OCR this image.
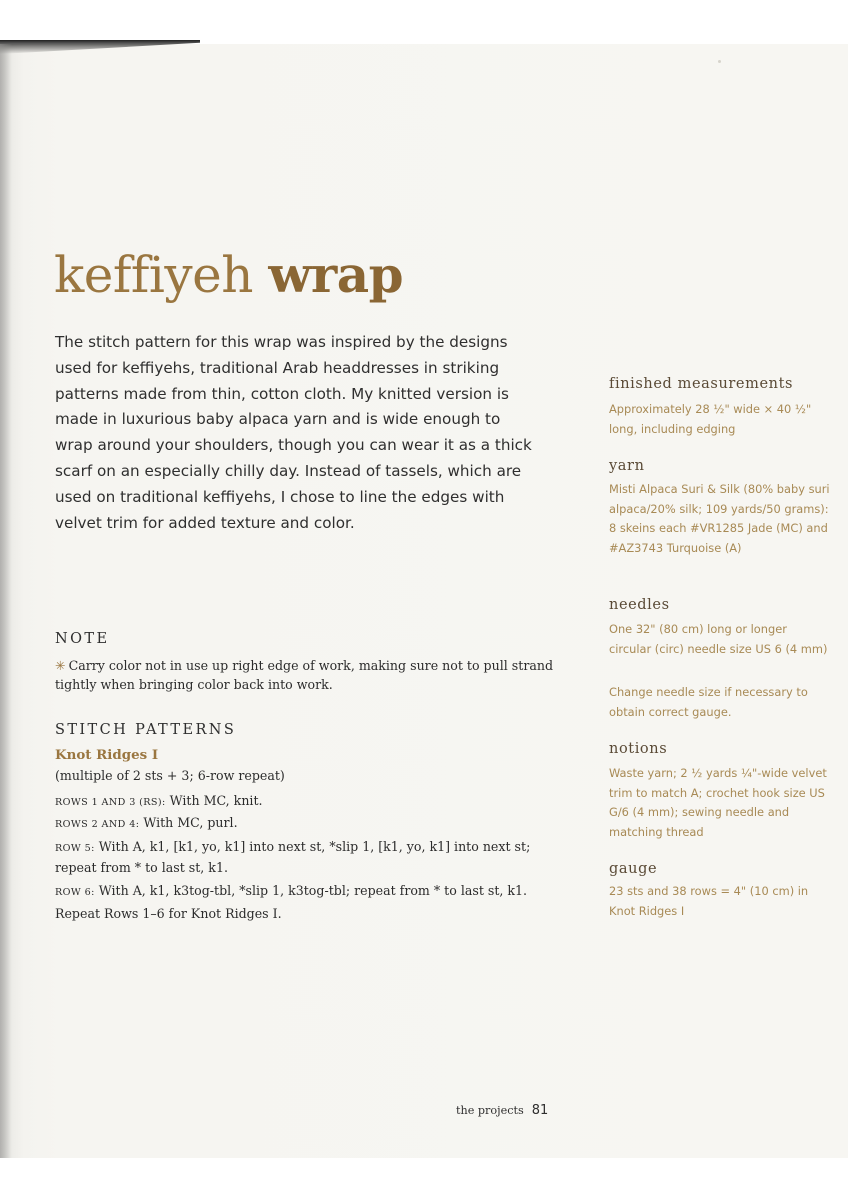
keffiyeh wrap

The stitch pattern for this wrap was inspired by the designs used for keffiyehs, traditional Arab headdresses in striking patterns made from thin, cotton cloth. My knitted version is made in luxurious baby alpaca yarn and is wide enough to wrap around your shoulders, though you can wear it as a thick scarf on an especially chilly day. Instead of tassels, which are used on traditional keffiyehs, I chose to line the edges with velvet trim for added texture and color.

NOTE

✳ Carry color not in use up right edge of work, making sure not to pull strand tightly when bringing color back into work.

STITCH PATTERNS
Knot Ridges I

(multiple of 2 sts + 3; 6-row repeat)

ROWS 1 AND 3 (RS): With MC, knit.

ROWS 2 AND 4: With MC, purl.

ROW 5: With A, k1, [k1, yo, k1] into next st, *slip 1, [k1, yo, k1] into next st; repeat from * to last st, k1.

ROW 6: With A, k1, k3tog-tbl, *slip 1, k3tog-tbl; repeat from * to last st, k1.

Repeat Rows 1–6 for Knot Ridges I.

finished measurements

Approximately 28 ½" wide × 40 ½" long, including edging

yarn

Misti Alpaca Suri & Silk (80% baby suri alpaca/20% silk; 109 yards/50 grams): 8 skeins each #VR1285 Jade (MC) and #AZ3743 Turquoise (A)

needles

One 32" (80 cm) long or longer circular (circ) needle size US 6 (4 mm)

Change needle size if necessary to obtain correct gauge.

notions

Waste yarn; 2 ½ yards ¼"-wide velvet trim to match A; crochet hook size US G/6 (4 mm); sewing needle and matching thread

gauge

23 sts and 38 rows = 4" (10 cm) in Knot Ridges I

the projects 81
